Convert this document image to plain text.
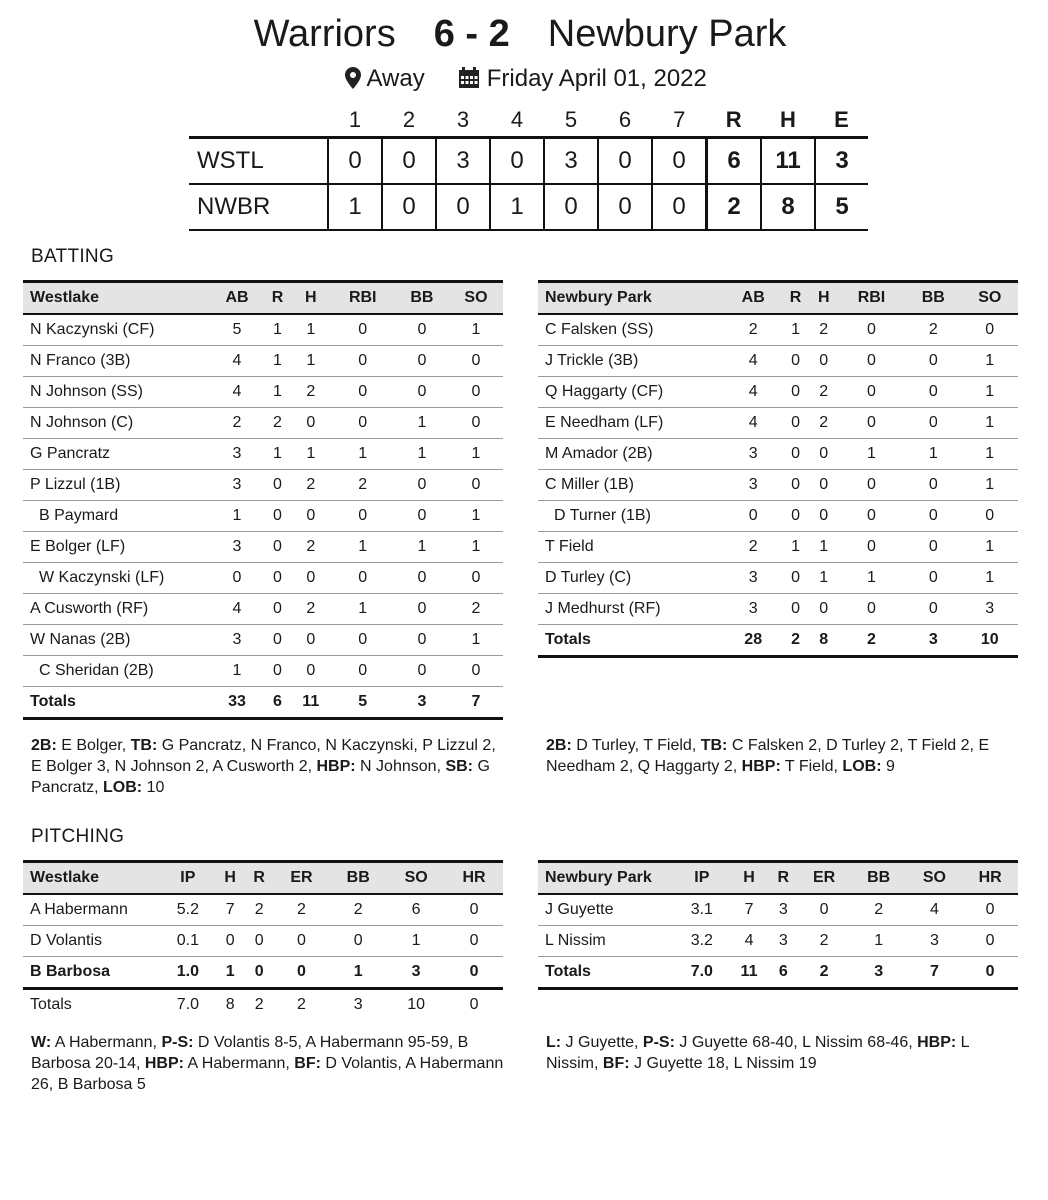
Warriors 6 - 2 Newbury Park
Away	Friday April 01, 2022
	1	2	3	4	5	6	7	R	H	E
WSTL	0	0	3	0	3	0	0	6	11	3
NWBR	1	0	0	1	0	0	0	2	8	5
BATTING
PITCHING
Westlake	AB	R	H	RBI	BB	SO
N Kaczynski (CF)	5	1	1	0	0	1
N Franco (3B)	4	1	1	0	0	0
N Johnson (SS)	4	1	2	0	0	0
N Johnson (C)	2	2	0	0	1	0
G Pancratz	3	1	1	1	1	1
P Lizzul (1B)	3	0	2	2	0	0
B Paymard	1	0	0	0	0	1
E Bolger (LF)	3	0	2	1	1	1
W Kaczynski (LF)	0	0	0	0	0	0
A Cusworth (RF)	4	0	2	1	0	2
W Nanas (2B)	3	0	0	0	0	1
C Sheridan (2B)	1	0	0	0	0	0
Totals	33	6	11	5	3	7
Newbury Park	AB	R	H	RBI	BB	SO
C Falsken (SS)	2	1	2	0	2	0
J Trickle (3B)	4	0	0	0	0	1
Q Haggarty (CF)	4	0	2	0	0	1
E Needham (LF)	4	0	2	0	0	1
M Amador (2B)	3	0	0	1	1	1
C Miller (1B)	3	0	0	0	0	1
D Turner (1B)	0	0	0	0	0	0
T Field	2	1	1	0	0	1
D Turley (C)	3	0	1	1	0	1
J Medhurst (RF)	3	0	0	0	0	3
Totals	28	2	8	2	3	10
2B: E Bolger, TB: G Pancratz, N Franco, N Kaczynski, P Lizzul 2, E Bolger 3, N Johnson 2, A Cusworth 2, HBP: N Johnson, SB: G Pancratz, LOB: 10
2B: D Turley, T Field, TB: C Falsken 2, D Turley 2, T Field 2, E Needham 2, Q Haggarty 2, HBP: T Field, LOB: 9
Westlake	IP	H	R	ER	BB	SO	HR
A Habermann	5.2	7	2	2	2	6	0
D Volantis	0.1	0	0	0	0	1	0
B Barbosa	1.0	1	0	0	1	3	0
Totals	7.0	8	2	2	3	10	0
Newbury Park	IP	H	R	ER	BB	SO	HR
J Guyette	3.1	7	3	0	2	4	0
L Nissim	3.2	4	3	2	1	3	0
Totals	7.0	11	6	2	3	7	0
W: A Habermann, P-S: D Volantis 8-5, A Habermann 95-59, B Barbosa 20-14, HBP: A Habermann, BF: D Volantis, A Habermann 26, B Barbosa 5
L: J Guyette, P-S: J Guyette 68-40, L Nissim 68-46, HBP: L Nissim, BF: J Guyette 18, L Nissim 19
